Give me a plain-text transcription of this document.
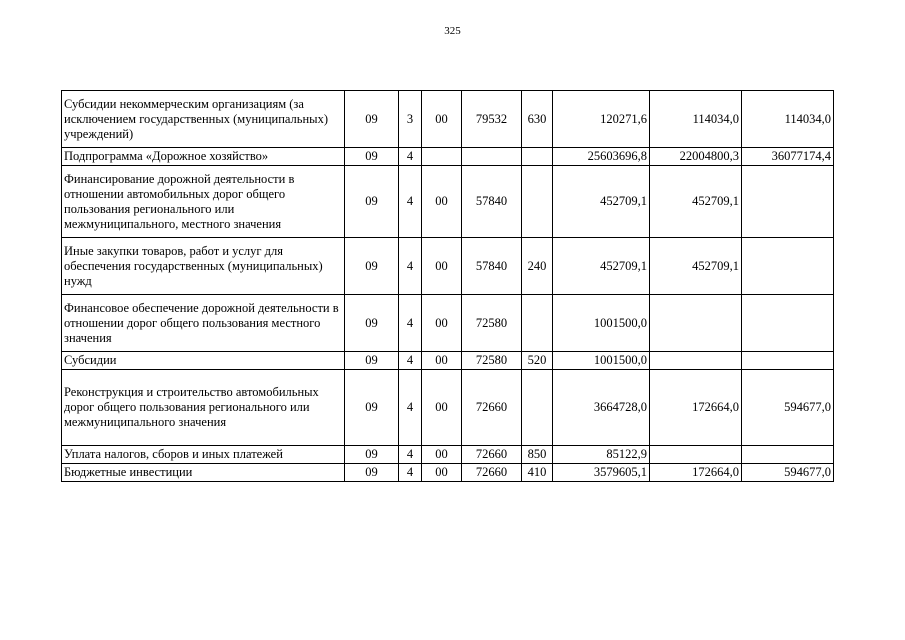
325
Субсидии некоммерческим организациям (за исключением государственных (муниципальных) учреждений)	09	3	00	79532	630	120271,6	114034,0	114034,0
Подпрограмма «Дорожное хозяйство»	09	4				25603696,8	22004800,3	36077174,4
Финансирование дорожной деятельности в отношении автомобильных дорог общего пользования регионального или межмуниципального, местного значения	09	4	00	57840		452709,1	452709,1	
Иные закупки товаров, работ и услуг для обеспечения государственных (муниципальных) нужд	09	4	00	57840	240	452709,1	452709,1	
Финансовое обеспечение дорожной деятельности в отношении дорог общего пользования местного значения	09	4	00	72580		1001500,0		
Субсидии	09	4	00	72580	520	1001500,0		
Реконструкция и строительство автомобильных дорог общего пользования регионального или межмуниципального значения	09	4	00	72660		3664728,0	172664,0	594677,0
Уплата налогов, сборов и иных платежей	09	4	00	72660	850	85122,9		
Бюджетные инвестиции	09	4	00	72660	410	3579605,1	172664,0	594677,0
